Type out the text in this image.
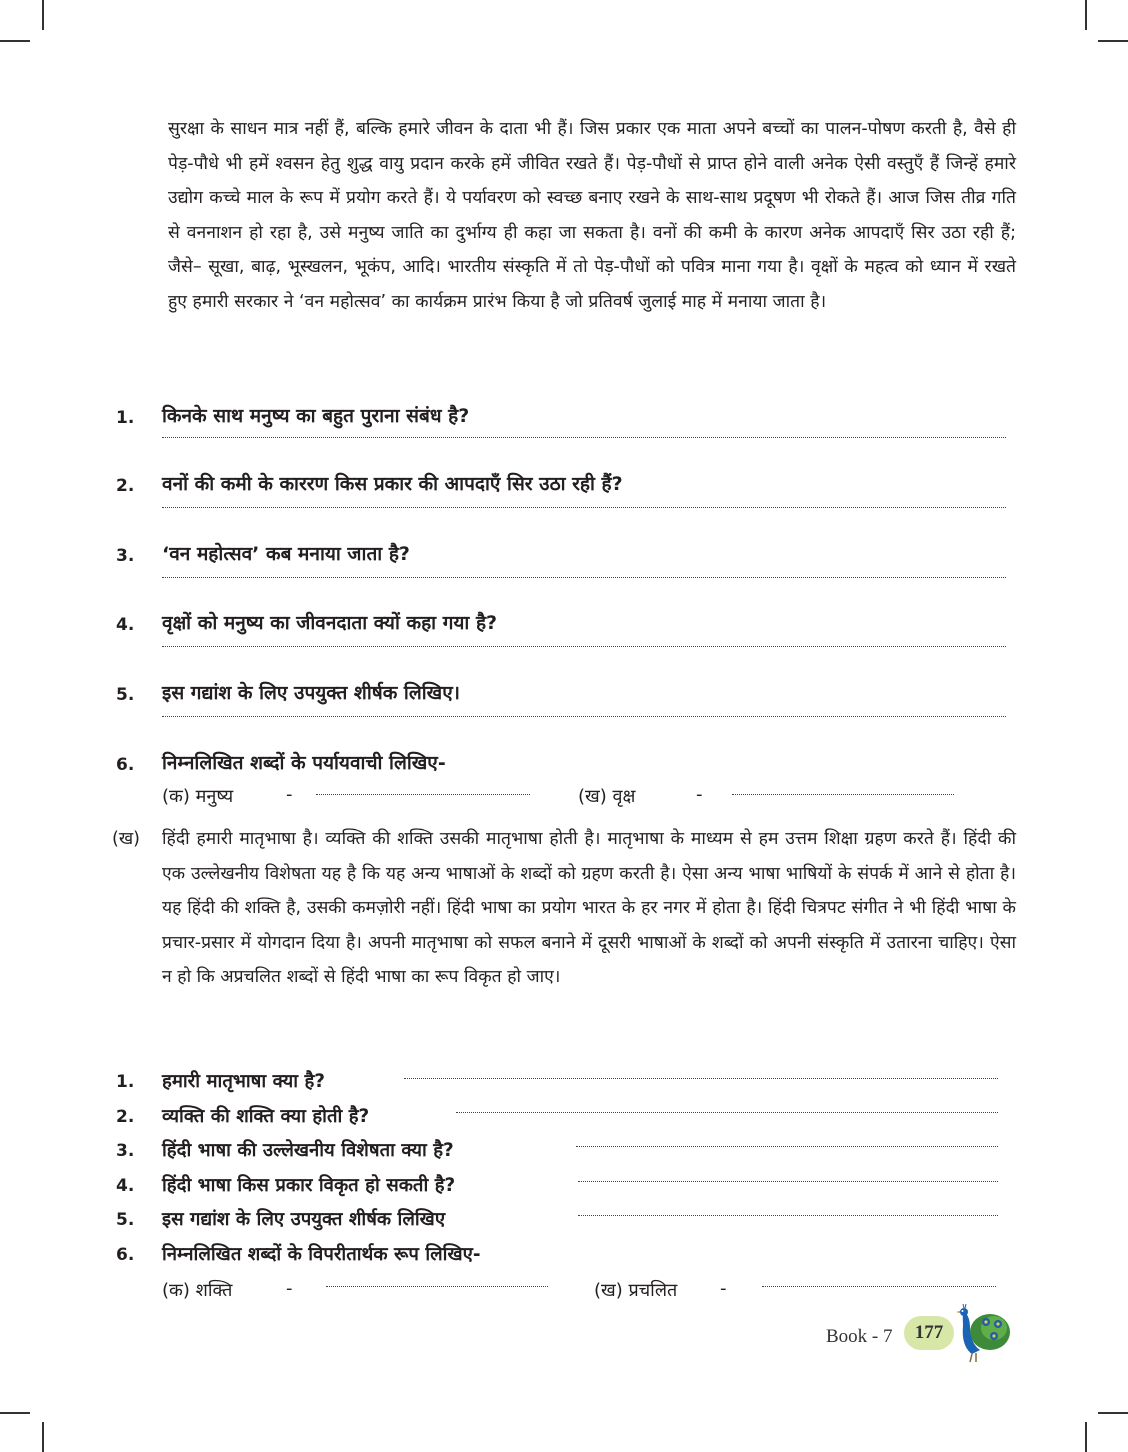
सुरक्षा के साधन मात्र नहीं हैं, बल्कि हमारे जीवन के दाता भी हैं। जिस प्रकार एक माता अपने बच्चों का पालन-पोषण करती है, वैसे ही पेड़-पौधे भी हमें श्वसन हेतु शुद्ध वायु प्रदान करके हमें जीवित रखते हैं। पेड़-पौधों से प्राप्त होने वाली अनेक ऐसी वस्तुएँ हैं जिन्हें हमारे उद्योग कच्चे माल के रूप में प्रयोग करते हैं। ये पर्यावरण को स्वच्छ बनाए रखने के साथ-साथ प्रदूषण भी रोकते हैं। आज जिस तीव्र गति से वननाशन हो रहा है, उसे मनुष्य जाति का दुर्भाग्य ही कहा जा सकता है। वनों की कमी के कारण अनेक आपदाएँ सिर उठा रही हैं; जैसे– सूखा, बाढ़, भूस्खलन, भूकंप, आदि। भारतीय संस्कृति में तो पेड़-पौधों को पवित्र माना गया है। वृक्षों के महत्व को ध्यान में रखते हुए हमारी सरकार ने ‘वन महोत्सव’ का कार्यक्रम प्रारंभ किया है जो प्रतिवर्ष जुलाई माह में मनाया जाता है।

1. किनके साथ मनुष्य का बहुत पुराना संबंध है?
2. वनों की कमी के काररण किस प्रकार की आपदाएँ सिर उठा रही हैं?
3. ‘वन महोत्सव’ कब मनाया जाता है?
4. वृक्षों को मनुष्य का जीवनदाता क्यों कहा गया है?
5. इस गद्यांश के लिए उपयुक्त शीर्षक लिखिए।
6. निम्नलिखित शब्दों के पर्यायवाची लिखिए-
(क) मनुष्य	-	(ख) वृक्ष	-
(ख) हिंदी हमारी मातृभाषा है। व्यक्ति की शक्ति उसकी मातृभाषा होती है। मातृभाषा के माध्यम से हम उत्तम शिक्षा ग्रहण करते हैं। हिंदी की एक उल्लेखनीय विशेषता यह है कि यह अन्य भाषाओं के शब्दों को ग्रहण करती है। ऐसा अन्य भाषा भाषियों के संपर्क में आने से होता है। यह हिंदी की शक्ति है, उसकी कमज़ोरी नहीं। हिंदी भाषा का प्रयोग भारत के हर नगर में होता है। हिंदी चित्रपट संगीत ने भी हिंदी भाषा के प्रचार-प्रसार में योगदान दिया है। अपनी मातृभाषा को सफल बनाने में दूसरी भाषाओं के शब्दों को अपनी संस्कृति में उतारना चाहिए। ऐसा न हो कि अप्रचलित शब्दों से हिंदी भाषा का रूप विकृत हो जाए।

1. हमारी मातृभाषा क्या है?
2. व्यक्ति की शक्ति क्या होती है?
3. हिंदी भाषा की उल्लेखनीय विशेषता क्या है?
4. हिंदी भाषा किस प्रकार विकृत हो सकती है?
5. इस गद्यांश के लिए उपयुक्त शीर्षक लिखिए
6. निम्नलिखित शब्दों के विपरीतार्थक रूप लिखिए-
(क) शक्ति	-	(ख) प्रचलित -
Book - 7	177
